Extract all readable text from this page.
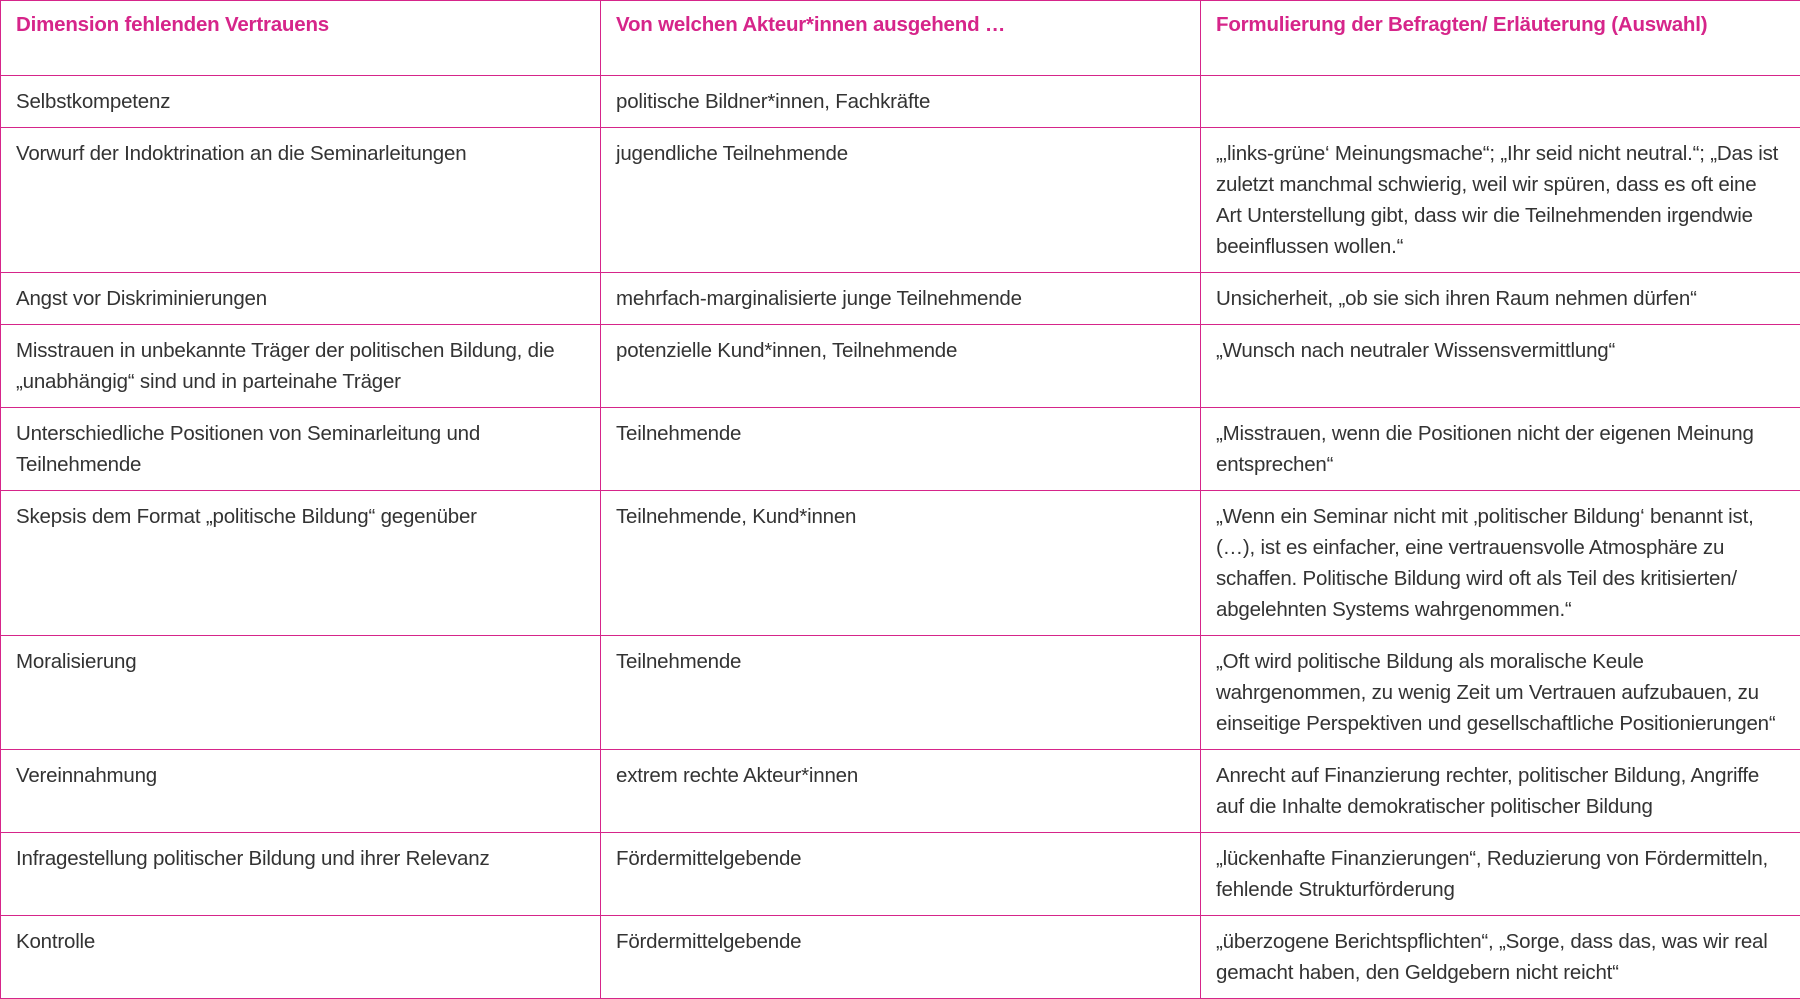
Dimension fehlenden Vertrauens	Von welchen Akteur*innen ausgehend …	Formulierung der Befragten/ Erläuterung (Auswahl)
Selbstkompetenz	politische Bildner*innen, Fachkräfte	
Vorwurf der Indoktrination an die Seminarleitungen	jugendliche Teilnehmende	„‚links-grüne‘ Meinungsmache“; „Ihr seid nicht neutral.“; „Das ist zuletzt manchmal schwierig, weil wir spüren, dass es oft eine Art Unterstellung gibt, dass wir die Teilnehmenden irgendwie beeinflussen wollen.“
Angst vor Diskriminierungen	mehrfach-marginalisierte junge Teilnehmende	Unsicherheit, „ob sie sich ihren Raum nehmen dürfen“
Misstrauen in unbekannte Träger der politischen Bildung, die „unabhängig“ sind und in parteinahe Träger	potenzielle Kund*innen, Teilnehmende	„Wunsch nach neutraler Wissensvermittlung“
Unterschiedliche Positionen von Seminarleitung und Teilnehmende	Teilnehmende	„Misstrauen, wenn die Positionen nicht der eigenen Meinung entsprechen“
Skepsis dem Format „politische Bildung“ gegenüber	Teilnehmende, Kund*innen	„Wenn ein Seminar nicht mit ‚politischer Bildung‘ benannt ist, (…), ist es einfacher, eine vertrauensvolle Atmosphäre zu schaffen. Politische Bildung wird oft als Teil des kritisierten/ abgelehnten Systems wahrgenommen.“
Moralisierung	Teilnehmende	„Oft wird politische Bildung als moralische Keule wahrgenommen, zu wenig Zeit um Vertrauen aufzubauen, zu einseitige Perspektiven und gesellschaftliche Positionierungen“
Vereinnahmung	extrem rechte Akteur*innen	Anrecht auf Finanzierung rechter, politischer Bildung, Angriffe auf die Inhalte demokratischer politischer Bildung
Infragestellung politischer Bildung und ihrer Relevanz	Fördermittelgebende	„lückenhafte Finanzierungen“, Reduzierung von Fördermitteln, fehlende Strukturförderung
Kontrolle	Fördermittelgebende	„überzogene Berichtspflichten“, „Sorge, dass das, was wir real gemacht haben, den Geldgebern nicht reicht“
